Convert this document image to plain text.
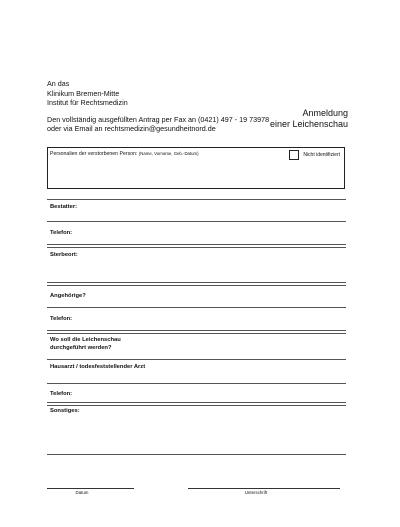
An das
Klinikum Bremen-Mitte
Institut für Rechtsmedizin
Anmeldung
einer Leichenschau
Den vollständig ausgefüllten Antrag per Fax an (0421) 497 - 19 73978
oder via Email an rechtsmedizin@gesundheitnord.de
Personalien der verstorbenen Person: (Name, Vorname, Geb.-Datum)	Nicht identifiziert
Bestatter:
Telefon:
Sterbeort:
Angehörige?
Telefon:
Wo soll die Leichenschau
durchgeführt werden?
Hausarzt / todesfeststellender Arzt
Telefon:
Sonstiges:
Datum	Unterschrift
